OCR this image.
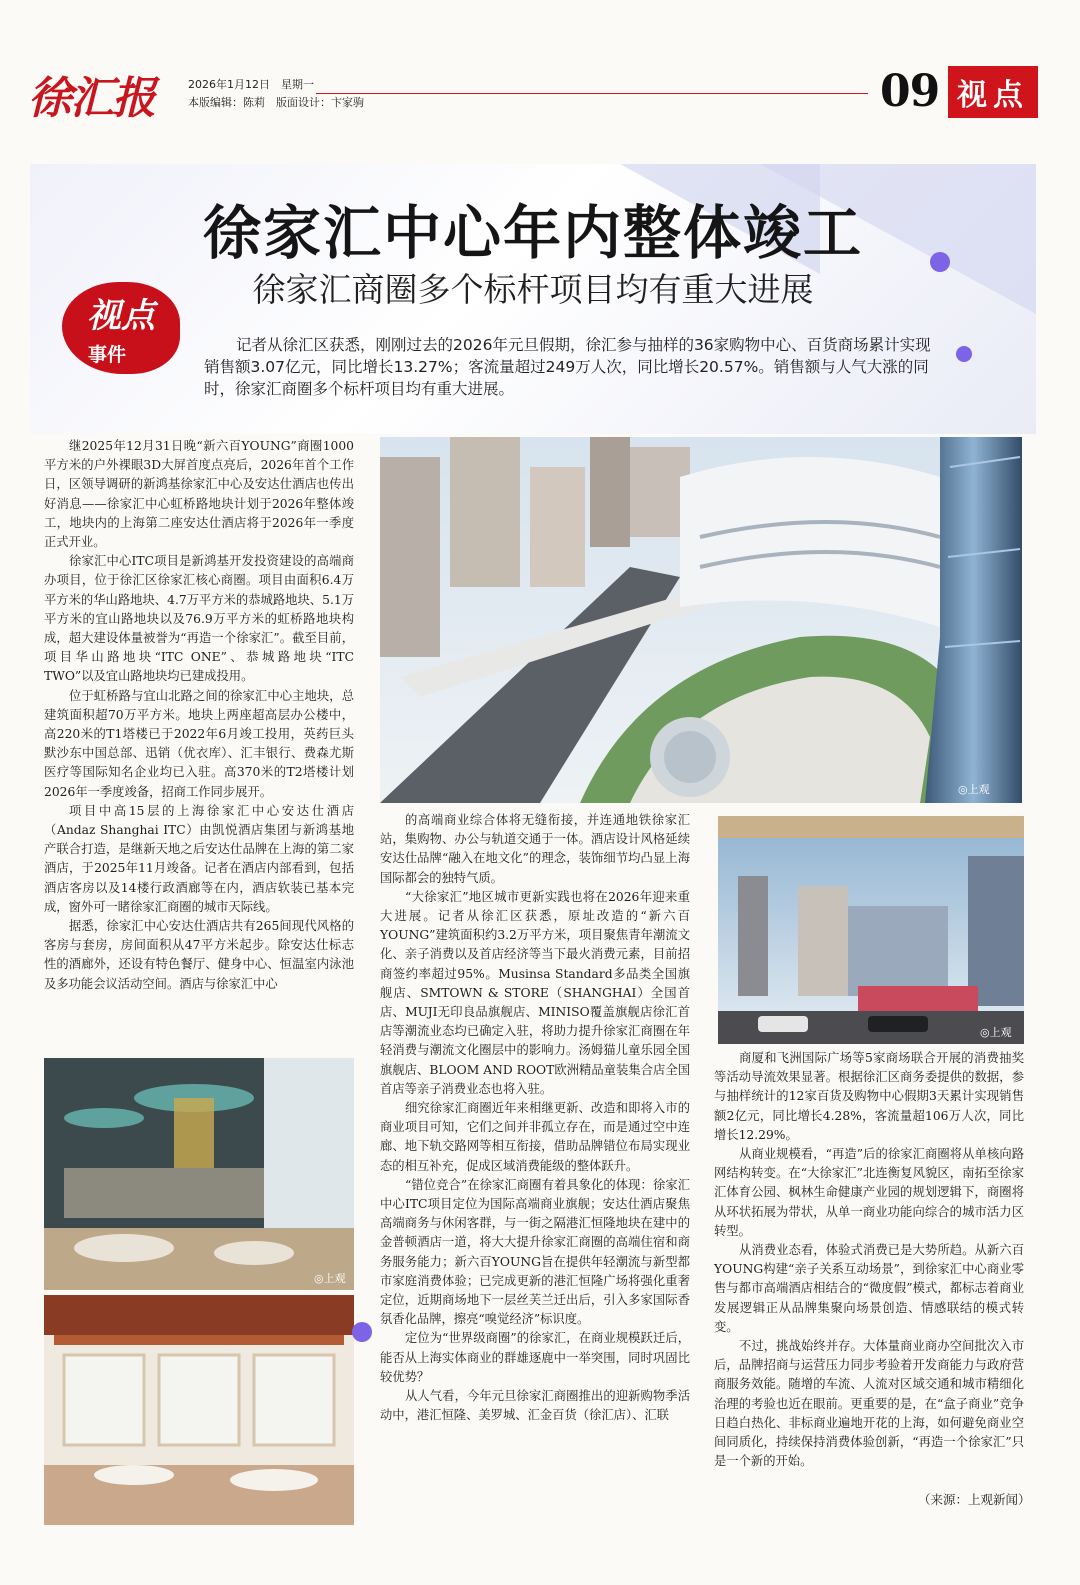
徐汇报	2026年1月12日　星期一
本版编辑：陈莉　版面设计：卞家驹	09 视点
徐家汇中心年内整体竣工
徐家汇商圈多个标杆项目均有重大进展
视点
事件	记者从徐汇区获悉，刚刚过去的2026年元旦假期，徐汇参与抽样的36家购物中心、百货商场累计实现销售额3.07亿元，同比增长13.27%；客流量超过249万人次，同比增长20.57%。销售额与人气大涨的同时，徐家汇商圈多个标杆项目均有重大进展。

继2025年12月31日晚“新六百YOUNG”商圈1000平方米的户外裸眼3D大屏首度点亮后，2026年首个工作日，区领导调研的新鸿基徐家汇中心及安达仕酒店也传出好消息——徐家汇中心虹桥路地块计划于2026年整体竣工，地块内的上海第二座安达仕酒店将于2026年一季度正式开业。

徐家汇中心ITC项目是新鸿基开发投资建设的高端商办项目，位于徐汇区徐家汇核心商圈。项目由面积6.4万平方米的华山路地块、4.7万平方米的恭城路地块、5.1万平方米的宜山路地块以及76.9万平方米的虹桥路地块构成，超大建设体量被誉为“再造一个徐家汇”。截至目前，项目华山路地块“ITC ONE”、恭城路地块“ITC TWO”以及宜山路地块均已建成投用。

位于虹桥路与宜山北路之间的徐家汇中心主地块，总建筑面积超70万平方米。地块上两座超高层办公楼中，高220米的T1塔楼已于2022年6月竣工投用，英药巨头默沙东中国总部、迅销（优衣库）、汇丰银行、费森尤斯医疗等国际知名企业均已入驻。高370米的T2塔楼计划2026年一季度竣备，招商工作同步展开。

项目中高15层的上海徐家汇中心安达仕酒店（Andaz Shanghai ITC）由凯悦酒店集团与新鸿基地产联合打造，是继新天地之后安达仕品牌在上海的第二家酒店，于2025年11月竣备。记者在酒店内部看到，包括酒店客房以及14楼行政酒廊等在内，酒店软装已基本完成，窗外可一睹徐家汇商圈的城市天际线。

据悉，徐家汇中心安达仕酒店共有265间现代风格的客房与套房，房间面积从47平方米起步。除安达仕标志性的酒廊外，还设有特色餐厅、健身中心、恒温室内泳池及多功能会议活动空间。酒店与徐家汇中心

◎上观

的高端商业综合体将无缝衔接，并连通地铁徐家汇站，集购物、办公与轨道交通于一体。酒店设计风格延续安达仕品牌“融入在地文化”的理念，装饰细节均凸显上海国际都会的独特气质。

“大徐家汇”地区城市更新实践也将在2026年迎来重大进展。记者从徐汇区获悉，原址改造的“新六百YOUNG”建筑面积约3.2万平方米，项目聚焦青年潮流文化、亲子消费以及首店经济等当下最火消费元素，目前招商签约率超过95%。Musinsa Standard多品类全国旗舰店、SMTOWN & STORE（SHANGHAI）全国首店、MUJI无印良品旗舰店、MINISO覆盖旗舰店徐汇首店等潮流业态均已确定入驻，将助力提升徐家汇商圈在年轻消费与潮流文化圈层中的影响力。汤姆猫儿童乐园全国旗舰店、BLOOM AND ROOT欧洲精品童装集合店全国首店等亲子消费业态也将入驻。

细究徐家汇商圈近年来相继更新、改造和即将入市的商业项目可知，它们之间并非孤立存在，而是通过空中连廊、地下轨交路网等相互衔接，借助品牌错位布局实现业态的相互补充，促成区域消费能级的整体跃升。

“错位竞合”在徐家汇商圈有着具象化的体现：徐家汇中心ITC项目定位为国际高端商业旗舰；安达仕酒店聚焦高端商务与休闲客群，与一街之隔港汇恒隆地块在建中的金普顿酒店一道，将大大提升徐家汇商圈的高端住宿和商务服务能力；新六百YOUNG旨在提供年轻潮流与新型都市家庭消费体验；已完成更新的港汇恒隆广场将强化重奢定位，近期商场地下一层丝芙兰迁出后，引入多家国际香氛香化品牌，擦亮“嗅觉经济”标识度。

定位为“世界级商圈”的徐家汇，在商业规模跃迁后，能否从上海实体商业的群雄逐鹿中一举突围，同时巩固比较优势？

从人气看，今年元旦徐家汇商圈推出的迎新购物季活动中，港汇恒隆、美罗城、汇金百货（徐汇店）、汇联

◎上观

商厦和飞洲国际广场等5家商场联合开展的消费抽奖等活动导流效果显著。根据徐汇区商务委提供的数据，参与抽样统计的12家百货及购物中心假期3天累计实现销售额2亿元，同比增长4.28%，客流量超106万人次，同比增长12.29%。

从商业规模看，“再造”后的徐家汇商圈将从单核向路网结构转变。在“大徐家汇”北连衡复风貌区，南拓至徐家汇体育公园、枫林生命健康产业园的规划逻辑下，商圈将从环状拓展为带状，从单一商业功能向综合的城市活力区转型。

从消费业态看，体验式消费已是大势所趋。从新六百YOUNG构建“亲子关系互动场景”，到徐家汇中心商业零售与都市高端酒店相结合的“微度假”模式，都标志着商业发展逻辑正从品牌集聚向场景创造、情感联结的模式转变。

不过，挑战始终并存。大体量商业商办空间批次入市后，品牌招商与运营压力同步考验着开发商能力与政府营商服务效能。随增的车流、人流对区域交通和城市精细化治理的考验也近在眼前。更重要的是，在“盒子商业”竞争日趋白热化、非标商业遍地开花的上海，如何避免商业空间同质化，持续保持消费体验创新，“再造一个徐家汇”只是一个新的开始。

◎上观
（来源：上观新闻）
